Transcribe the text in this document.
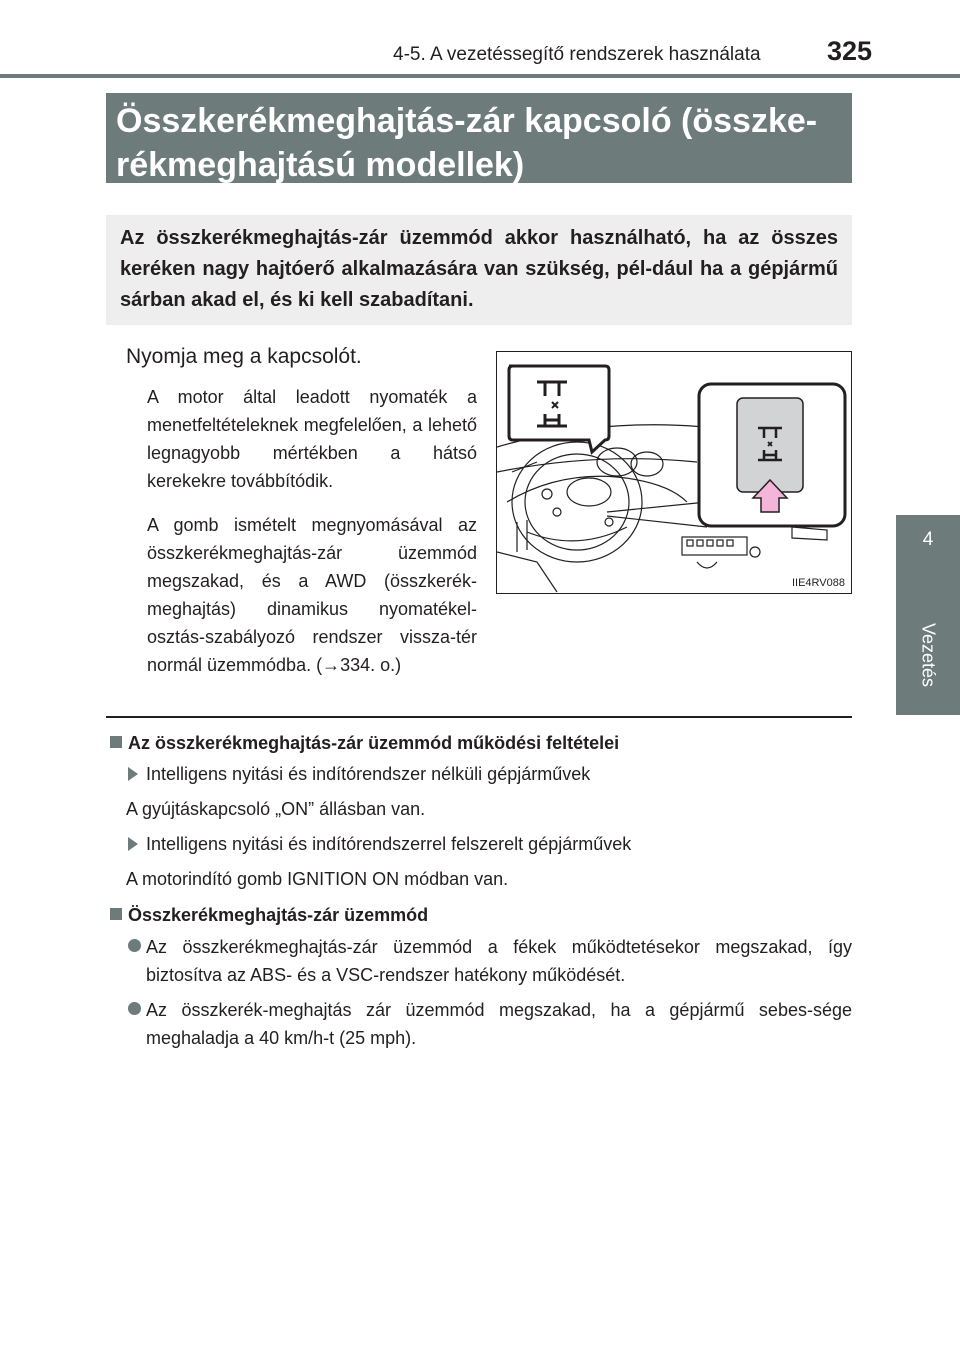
4-5. A vezetéssegítő rendszerek használata 325
4
Vezetés
Összkerékmeghajtás-zár kapcsoló (összke-rékmeghajtású modellek)

Az összkerékmeghajtás-zár üzemmód akkor használható, ha az összes keréken nagy hajtóerő alkalmazására van szükség, pél-dául ha a gépjármű sárban akad el, és ki kell szabadítani.

Nyomja meg a kapcsolót.

A motor által leadott nyomaték a menetfeltételeknek megfelelően, a lehető legnagyobb mértékben a hátsó kerekekre továbbítódik.

A gomb ismételt megnyomásával az összkerékmeghajtás-zár üzemmód megszakad, és a AWD (összkerék-meghajtás) dinamikus nyomatékel-osztás-szabályozó rendszer vissza-tér normál üzemmódba. (→334. o.)

IIE4RV088

Az összkerékmeghajtás-zár üzemmód működési feltételei

Intelligens nyitási és indítórendszer nélküli gépjárművek

A gyújtáskapcsoló „ON” állásban van.

Intelligens nyitási és indítórendszerrel felszerelt gépjárművek

A motorindító gomb IGNITION ON módban van.

Összkerékmeghajtás-zár üzemmód

Az összkerékmeghajtás-zár üzemmód a fékek működtetésekor megszakad, így biztosítva az ABS- és a VSC-rendszer hatékony működését.
Az összkerék-meghajtás zár üzemmód megszakad, ha a gépjármű sebes-sége meghaladja a 40 km/h-t (25 mph).
